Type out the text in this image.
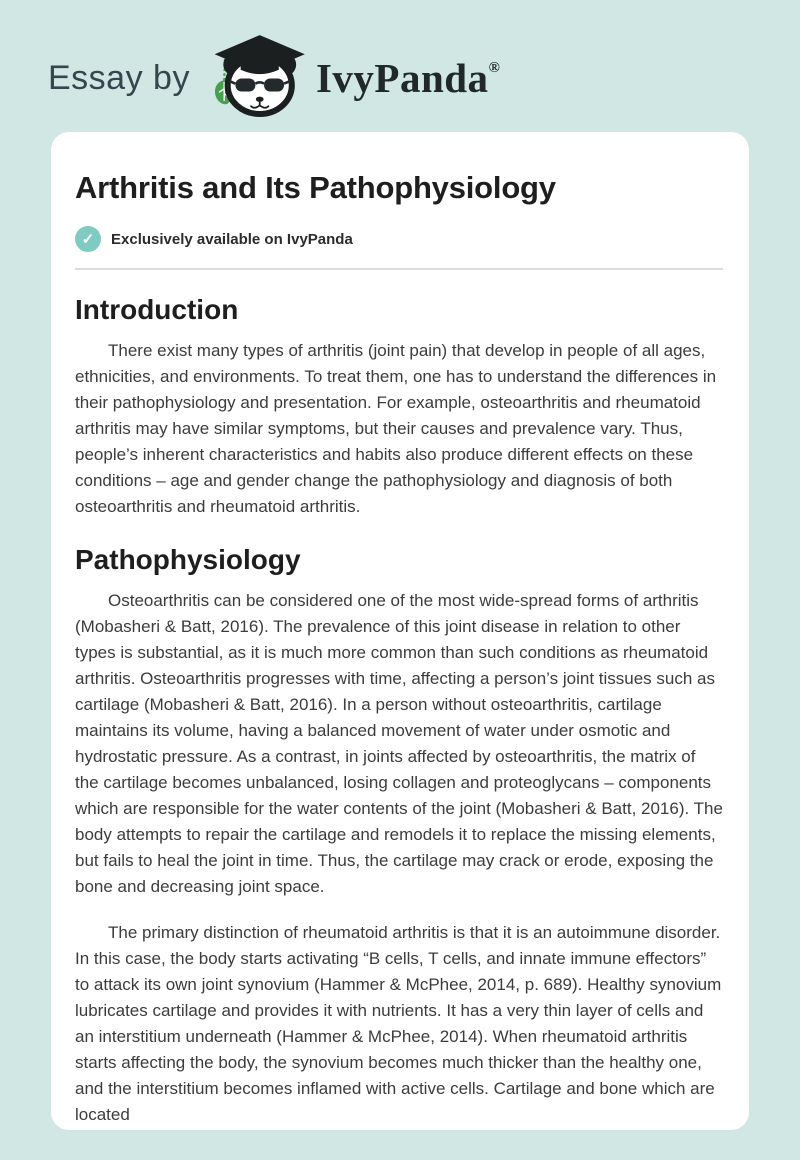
Essay by	IvyPanda®
Arthritis and Its Pathophysiology
✓ Exclusively available on IvyPanda
Introduction

There exist many types of arthritis (joint pain) that develop in people of all ages, ethnicities, and environments. To treat them, one has to understand the differences in their pathophysiology and presentation. For example, osteoarthritis and rheumatoid arthritis may have similar symptoms, but their causes and prevalence vary. Thus, people’s inherent characteristics and habits also produce different effects on these conditions – age and gender change the pathophysiology and diagnosis of both osteoarthritis and rheumatoid arthritis.

Pathophysiology

Osteoarthritis can be considered one of the most wide-spread forms of arthritis (Mobasheri & Batt, 2016). The prevalence of this joint disease in relation to other types is substantial, as it is much more common than such conditions as rheumatoid arthritis. Osteoarthritis progresses with time, affecting a person’s joint tissues such as cartilage (Mobasheri & Batt, 2016). In a person without osteoarthritis, cartilage maintains its volume, having a balanced movement of water under osmotic and hydrostatic pressure. As a contrast, in joints affected by osteoarthritis, the matrix of the cartilage becomes unbalanced, losing collagen and proteoglycans – components which are responsible for the water contents of the joint (Mobasheri & Batt, 2016). The body attempts to repair the cartilage and remodels it to replace the missing elements, but fails to heal the joint in time. Thus, the cartilage may crack or erode, exposing the bone and decreasing joint space.

The primary distinction of rheumatoid arthritis is that it is an autoimmune disorder. In this case, the body starts activating “B cells, T cells, and innate immune effectors” to attack its own joint synovium (Hammer & McPhee, 2014, p. 689). Healthy synovium lubricates cartilage and provides it with nutrients. It has a very thin layer of cells and an interstitium underneath (Hammer & McPhee, 2014). When rheumatoid arthritis starts affecting the body, the synovium becomes much thicker than the healthy one, and the interstitium becomes inflamed with active cells. Cartilage and bone which are located
